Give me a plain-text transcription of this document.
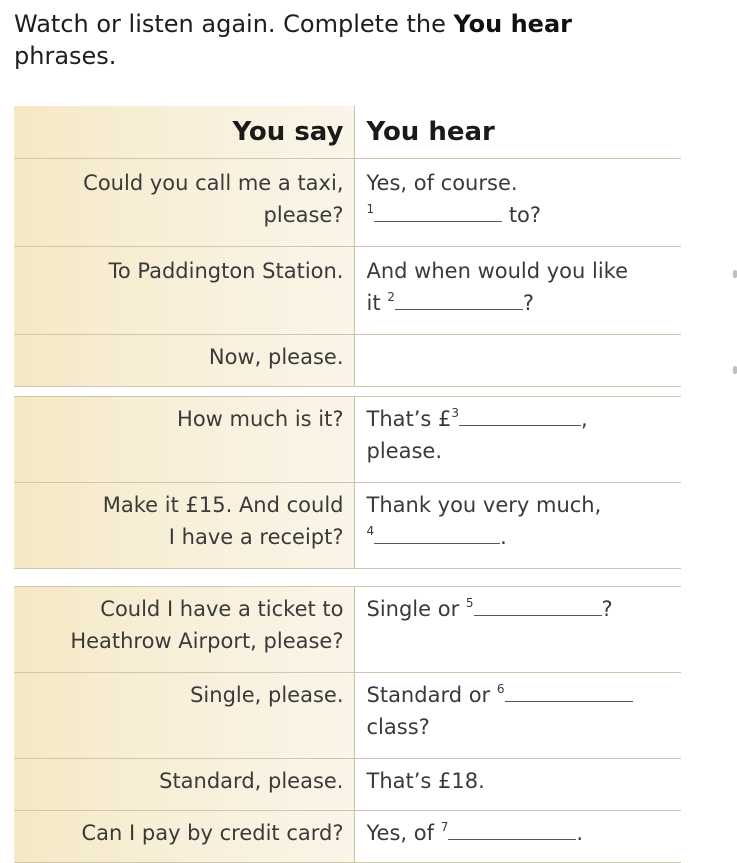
Watch or listen again. Complete the You hear
phrases.
You say	You hear
Could you call me a taxi,
please?	Yes, of course.
$^1$ to?
To Paddington Station.	And when would you like
it $^2$ ?
Now, please.	
How much is it?	That’s £$^3$ ,
please.
Make it £15. And could
I have a receipt?	Thank you very much,
$^4$ .
Could I have a ticket to
Heathrow Airport, please?	Single or $^5$ ?
Single, please.	Standard or $^6$
class?
Standard, please.	That’s £18.
Can I pay by credit card?	Yes, of $^7$ .
